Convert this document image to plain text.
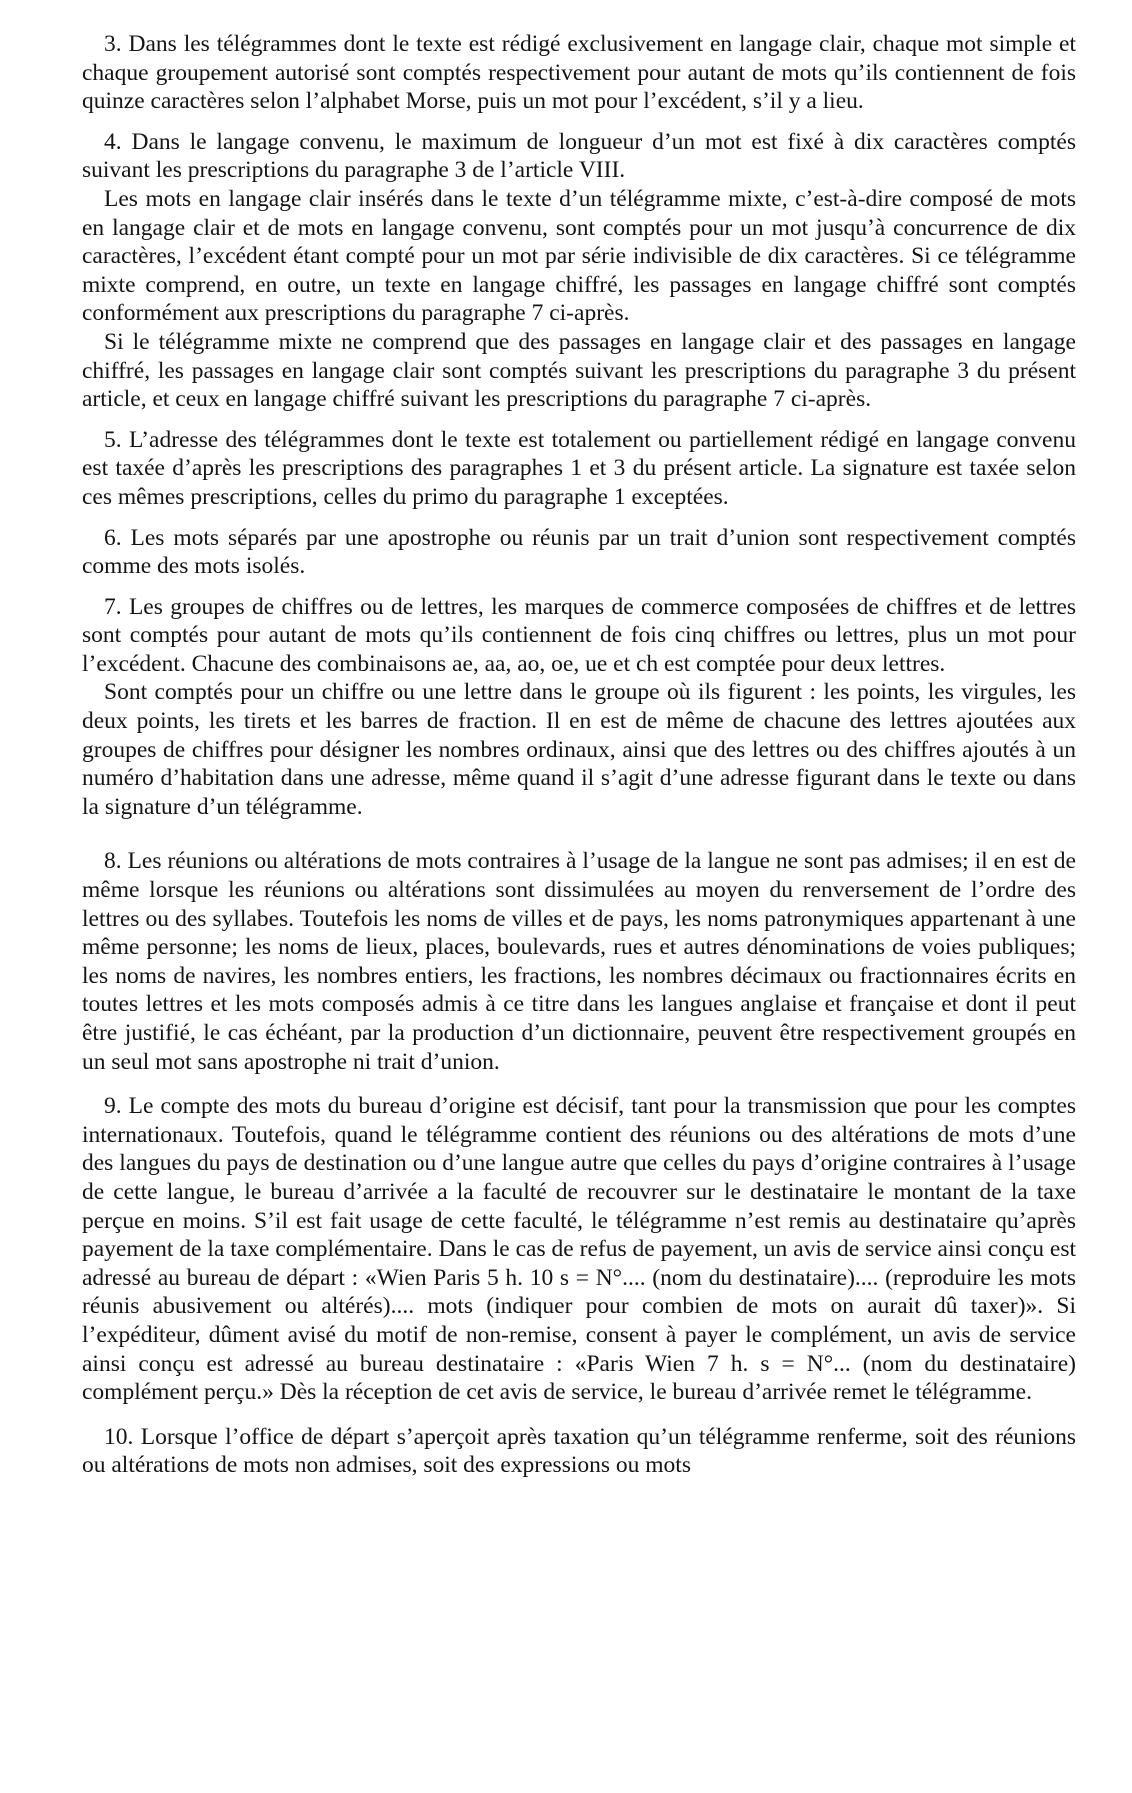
3. Dans les télégrammes dont le texte est rédigé exclusivement en langage clair, chaque mot simple et chaque groupement autorisé sont comptés respectivement pour autant de mots qu’ils contiennent de fois quinze caractères selon l’alphabet Morse, puis un mot pour l’excédent, s’il y a lieu.

4. Dans le langage convenu, le maximum de longueur d’un mot est fixé à dix caractères comptés suivant les prescriptions du paragraphe 3 de l’article VIII.

Les mots en langage clair insérés dans le texte d’un télégramme mixte, c’est-à-dire composé de mots en langage clair et de mots en langage convenu, sont comptés pour un mot jusqu’à concurrence de dix caractères, l’excédent étant compté pour un mot par série indivisible de dix caractères. Si ce télégramme mixte comprend, en outre, un texte en langage chiffré, les passages en langage chiffré sont comptés conformément aux prescriptions du paragraphe 7 ci-après.

Si le télégramme mixte ne comprend que des passages en langage clair et des passages en langage chiffré, les passages en langage clair sont comptés suivant les prescriptions du paragraphe 3 du présent article, et ceux en langage chiffré suivant les prescriptions du paragraphe 7 ci-après.

5. L’adresse des télégrammes dont le texte est totalement ou partiellement rédigé en langage convenu est taxée d’après les prescriptions des paragraphes 1 et 3 du présent article. La signature est taxée selon ces mêmes prescriptions, celles du primo du paragraphe 1 exceptées.

6. Les mots séparés par une apostrophe ou réunis par un trait d’union sont respectivement comptés comme des mots isolés.

7. Les groupes de chiffres ou de lettres, les marques de commerce composées de chiffres et de lettres sont comptés pour autant de mots qu’ils contiennent de fois cinq chiffres ou lettres, plus un mot pour l’excédent. Chacune des combinaisons ae, aa, ao, oe, ue et ch est comptée pour deux lettres.

Sont comptés pour un chiffre ou une lettre dans le groupe où ils figurent : les points, les virgules, les deux points, les tirets et les barres de fraction. Il en est de même de chacune des lettres ajoutées aux groupes de chiffres pour désigner les nombres ordinaux, ainsi que des lettres ou des chiffres ajoutés à un numéro d’habitation dans une adresse, même quand il s’agit d’une adresse figurant dans le texte ou dans la signature d’un télégramme.

8. Les réunions ou altérations de mots contraires à l’usage de la langue ne sont pas admises; il en est de même lorsque les réunions ou altérations sont dissimulées au moyen du renversement de l’ordre des lettres ou des syllabes. Toutefois les noms de villes et de pays, les noms patronymiques appartenant à une même personne; les noms de lieux, places, boulevards, rues et autres dénominations de voies publiques; les noms de navires, les nombres entiers, les fractions, les nombres décimaux ou fractionnaires écrits en toutes lettres et les mots composés admis à ce titre dans les langues anglaise et française et dont il peut être justifié, le cas échéant, par la production d’un dictionnaire, peuvent être respectivement groupés en un seul mot sans apostrophe ni trait d’union.

9. Le compte des mots du bureau d’origine est décisif, tant pour la transmission que pour les comptes internationaux. Toutefois, quand le télégramme contient des réunions ou des altérations de mots d’une des langues du pays de destination ou d’une langue autre que celles du pays d’origine contraires à l’usage de cette langue, le bureau d’arrivée a la faculté de recouvrer sur le destinataire le montant de la taxe perçue en moins. S’il est fait usage de cette faculté, le télégramme n’est remis au destinataire qu’après payement de la taxe complémentaire. Dans le cas de refus de payement, un avis de service ainsi conçu est adressé au bureau de départ : «Wien Paris 5 h. 10 s = N°.... (nom du destinataire).... (reproduire les mots réunis abusivement ou altérés).... mots (indiquer pour combien de mots on aurait dû taxer)». Si l’expéditeur, dûment avisé du motif de non-remise, consent à payer le complément, un avis de service ainsi conçu est adressé au bureau destinataire : «Paris Wien 7 h. s = N°... (nom du destinataire) complément perçu.» Dès la réception de cet avis de service, le bureau d’arrivée remet le télégramme.

10. Lorsque l’office de départ s’aperçoit après taxation qu’un télégramme renferme, soit des réunions ou altérations de mots non admises, soit des expressions ou mots
